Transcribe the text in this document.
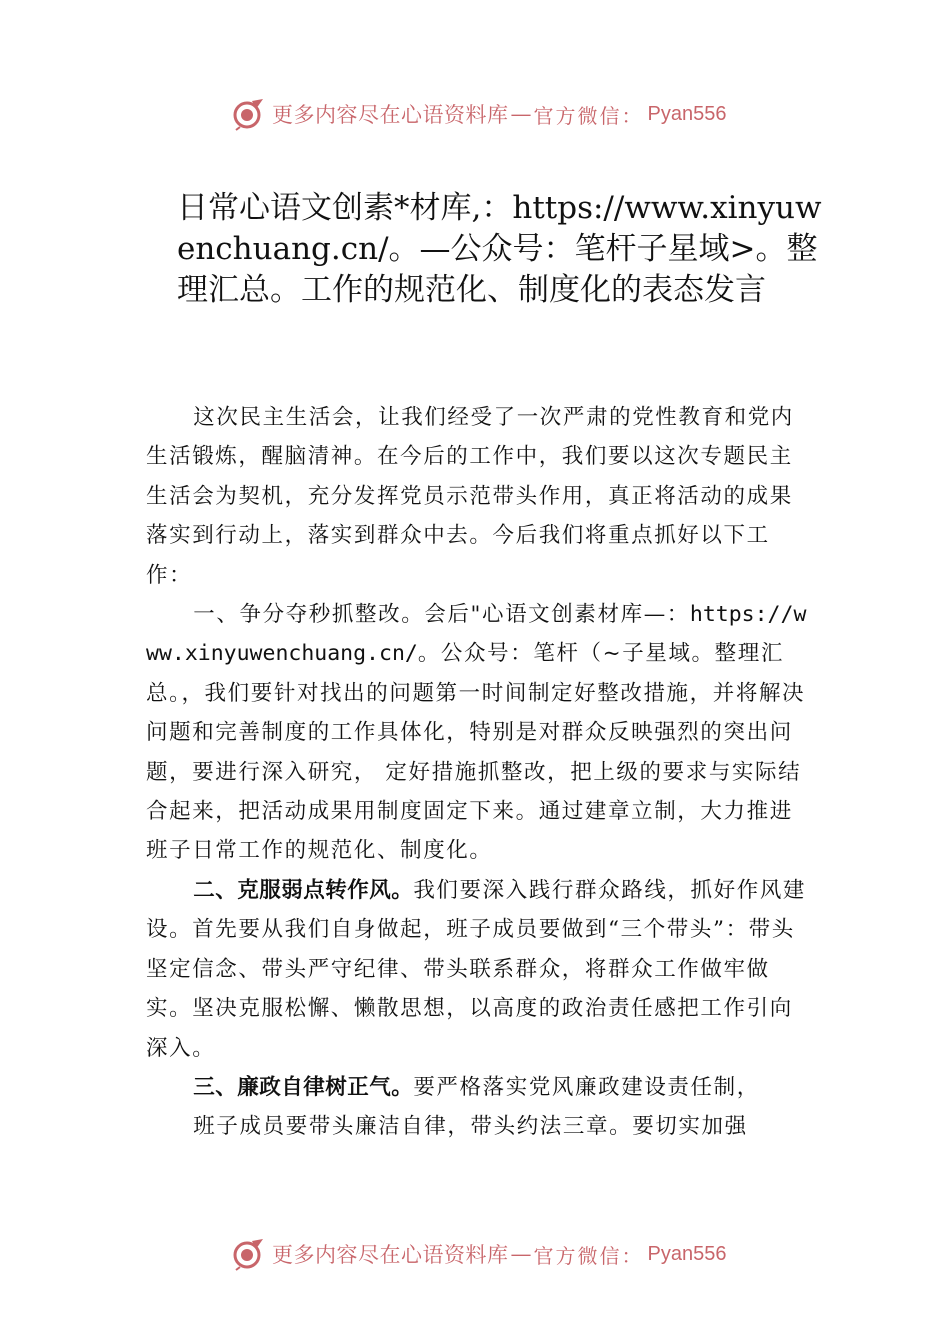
更多内容尽在心语资料库 — 官方微信： Pyan556
日常心语文创素*材库,：https://www.xinyuwenchuang.cn/。—公众号：笔杆子星域>。整理汇总。工作的规范化、制度化的表态发言

这次民主生活会，让我们经受了一次严肃的党性教育和党内生活锻炼，醒脑清神。在今后的工作中，我们要以这次专题民主生活会为契机，充分发挥党员示范带头作用，真正将活动的成果落实到行动上，落实到群众中去。今后我们将重点抓好以下工作：

一、争分夺秒抓整改。会后"心语文创素材库—：https://www.xinyuwenchuang.cn/。公众号：笔杆（~子星域。整理汇总。，我们要针对找出的问题第一时间制定好整改措施，并将解决问题和完善制度的工作具体化，特别是对群众反映强烈的突出问题，要进行深入研究， 定好措施抓整改，把上级的要求与实际结合起来，把活动成果用制度固定下来。通过建章立制，大力推进班子日常工作的规范化、制度化。

二、克服弱点转作风。我们要深入践行群众路线，抓好作风建设。首先要从我们自身做起，班子成员要做到“三个带头”：带头坚定信念、带头严守纪律、带头联系群众，将群众工作做牢做实。坚决克服松懈、懒散思想，以高度的政治责任感把工作引向深入。

三、廉政自律树正气。要严格落实党风廉政建设责任制，

班子成员要带头廉洁自律，带头约法三章。要切实加强

更多内容尽在心语资料库 — 官方微信： Pyan556
